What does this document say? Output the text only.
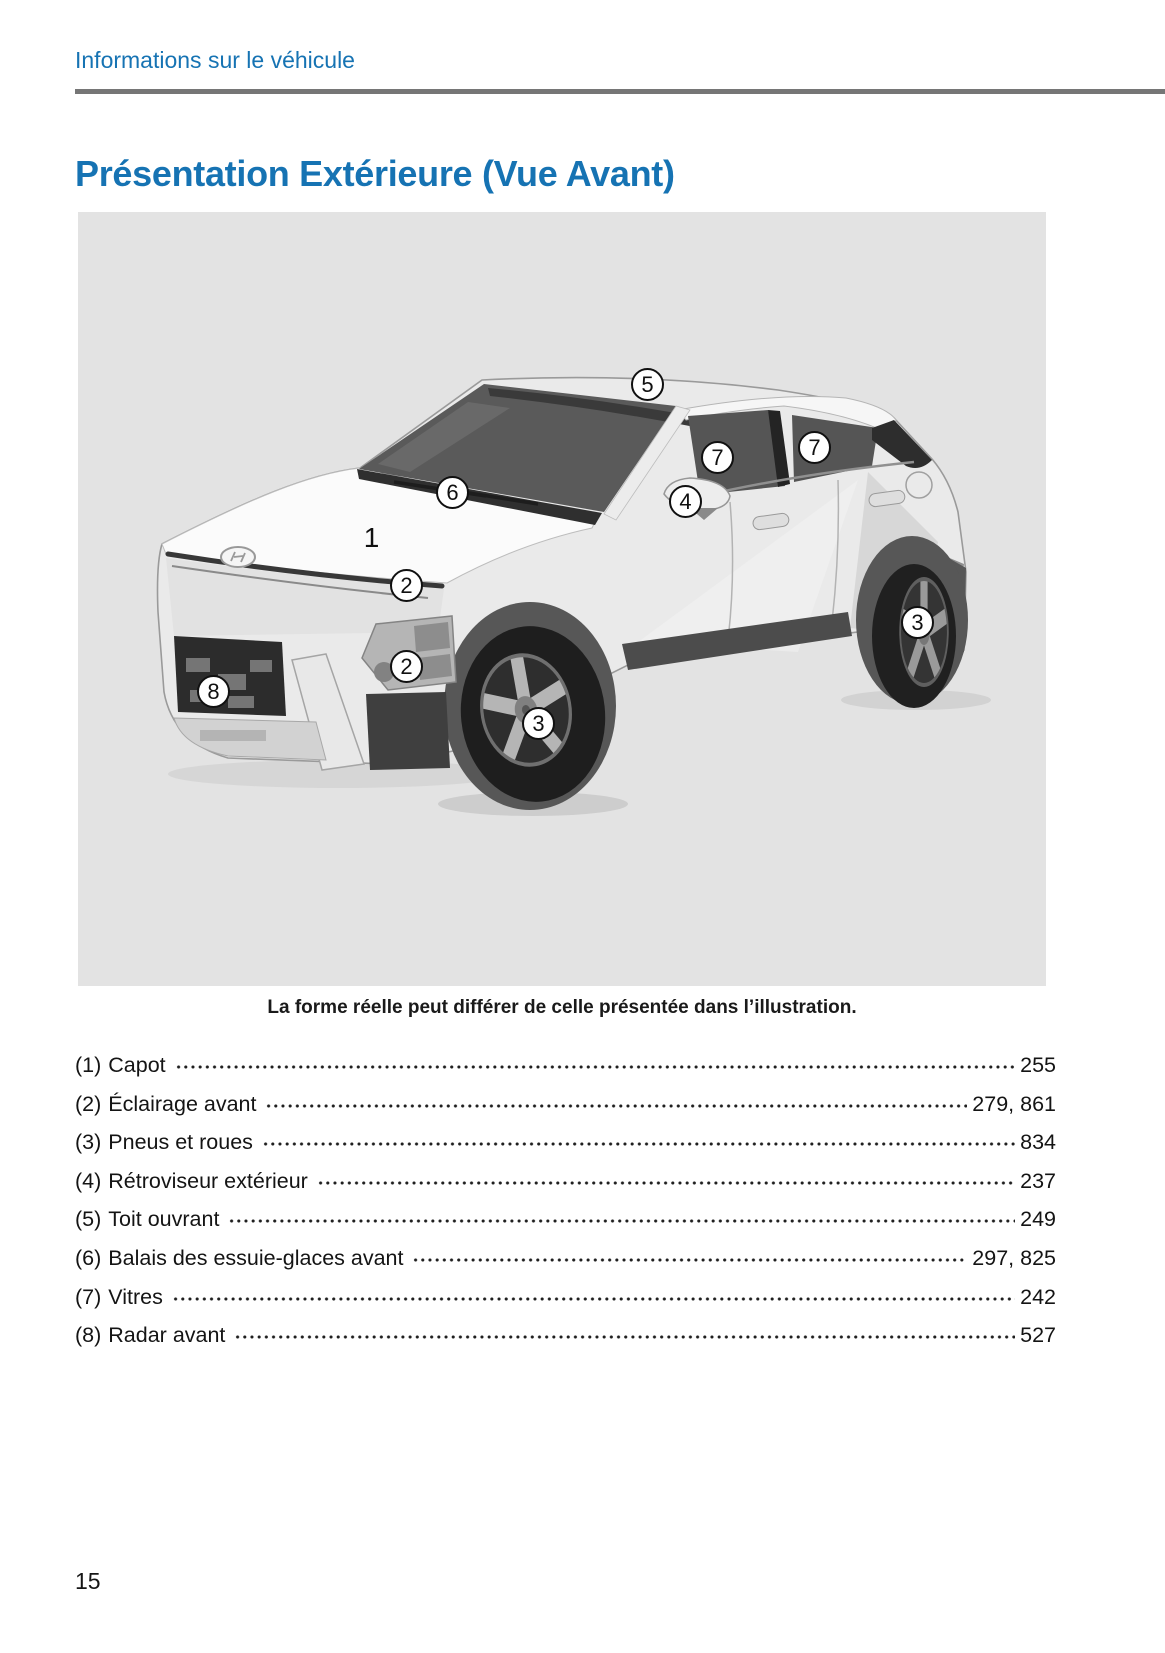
Informations sur le véhicule
Présentation Extérieure (Vue Avant)
1
2
2
3
3
4
5
6
7	7
8
La forme réelle peut différer de celle présentée dans l’illustration.
(1) Capot	255
(2) Éclairage avant	279, 861
(3) Pneus et roues	834
(4) Rétroviseur extérieur	237
(5) Toit ouvrant	249
(6) Balais des essuie-glaces avant	297, 825
(7) Vitres	242
(8) Radar avant	527
15
